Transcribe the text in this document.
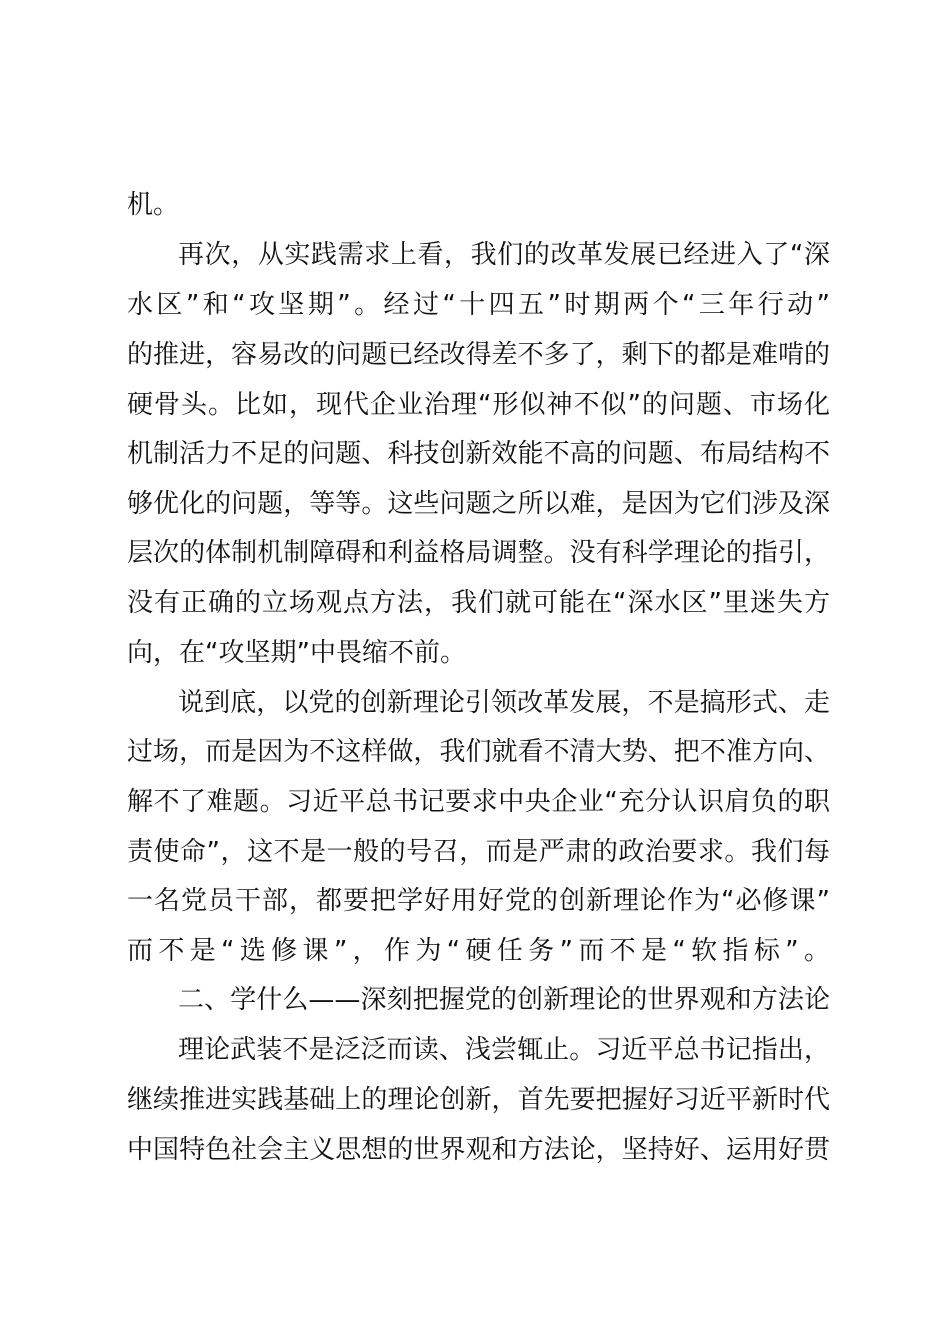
机。
再次，从实践需求上看，我们的改革发展已经进入了“深
水区”和“攻坚期”。经过“十四五”时期两个“三年行动”
的推进，容易改的问题已经改得差不多了，剩下的都是难啃的
硬骨头。比如，现代企业治理“形似神不似”的问题、市场化
机制活力不足的问题、科技创新效能不高的问题、布局结构不
够优化的问题，等等。这些问题之所以难，是因为它们涉及深
层次的体制机制障碍和利益格局调整。没有科学理论的指引，
没有正确的立场观点方法，我们就可能在“深水区”里迷失方
向，在“攻坚期”中畏缩不前。
说到底，以党的创新理论引领改革发展，不是搞形式、走
过场，而是因为不这样做，我们就看不清大势、把不准方向、
解不了难题。习近平总书记要求中央企业“充分认识肩负的职
责使命”，这不是一般的号召，而是严肃的政治要求。我们每
一名党员干部，都要把学好用好党的创新理论作为“必修课”
而不是“选修课”，作为“硬任务”而不是“软指标”。
二、学什么——深刻把握党的创新理论的世界观和方法论
理论武装不是泛泛而读、浅尝辄止。习近平总书记指出，
继续推进实践基础上的理论创新，首先要把握好习近平新时代
中国特色社会主义思想的世界观和方法论，坚持好、运用好贯
